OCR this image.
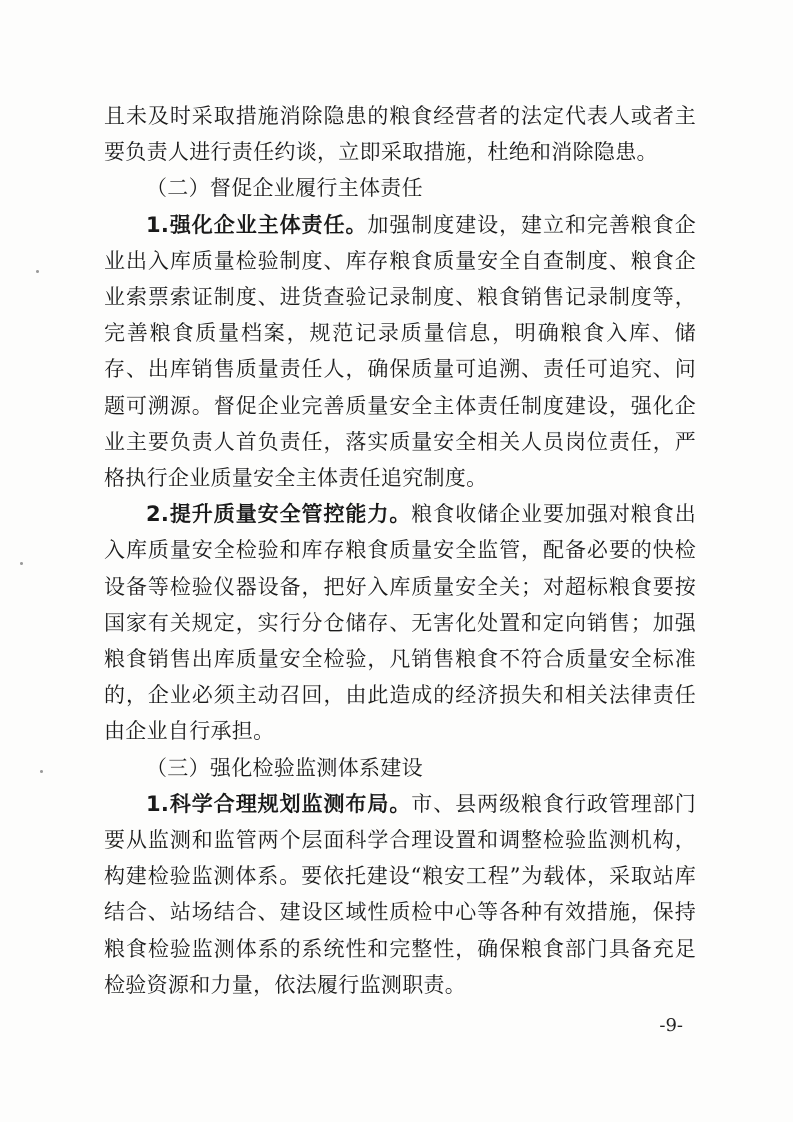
且未及时采取措施消除隐患的粮食经营者的法定代表人或者主要负责人进行责任约谈，立即采取措施，杜绝和消除隐患。

（二）督促企业履行主体责任

1.强化企业主体责任。加强制度建设，建立和完善粮食企业出入库质量检验制度、库存粮食质量安全自查制度、粮食企业索票索证制度、进货查验记录制度、粮食销售记录制度等，完善粮食质量档案，规范记录质量信息，明确粮食入库、储存、出库销售质量责任人，确保质量可追溯、责任可追究、问题可溯源。督促企业完善质量安全主体责任制度建设，强化企业主要负责人首负责任，落实质量安全相关人员岗位责任，严格执行企业质量安全主体责任追究制度。

2.提升质量安全管控能力。粮食收储企业要加强对粮食出入库质量安全检验和库存粮食质量安全监管，配备必要的快检设备等检验仪器设备，把好入库质量安全关；对超标粮食要按国家有关规定，实行分仓储存、无害化处置和定向销售；加强粮食销售出库质量安全检验，凡销售粮食不符合质量安全标准的，企业必须主动召回，由此造成的经济损失和相关法律责任由企业自行承担。

（三）强化检验监测体系建设

1.科学合理规划监测布局。市、县两级粮食行政管理部门要从监测和监管两个层面科学合理设置和调整检验监测机构，构建检验监测体系。要依托建设“粮安工程”为载体，采取站库结合、站场结合、建设区域性质检中心等各种有效措施，保持粮食检验监测体系的系统性和完整性，确保粮食部门具备充足检验资源和力量，依法履行监测职责。

-9-
